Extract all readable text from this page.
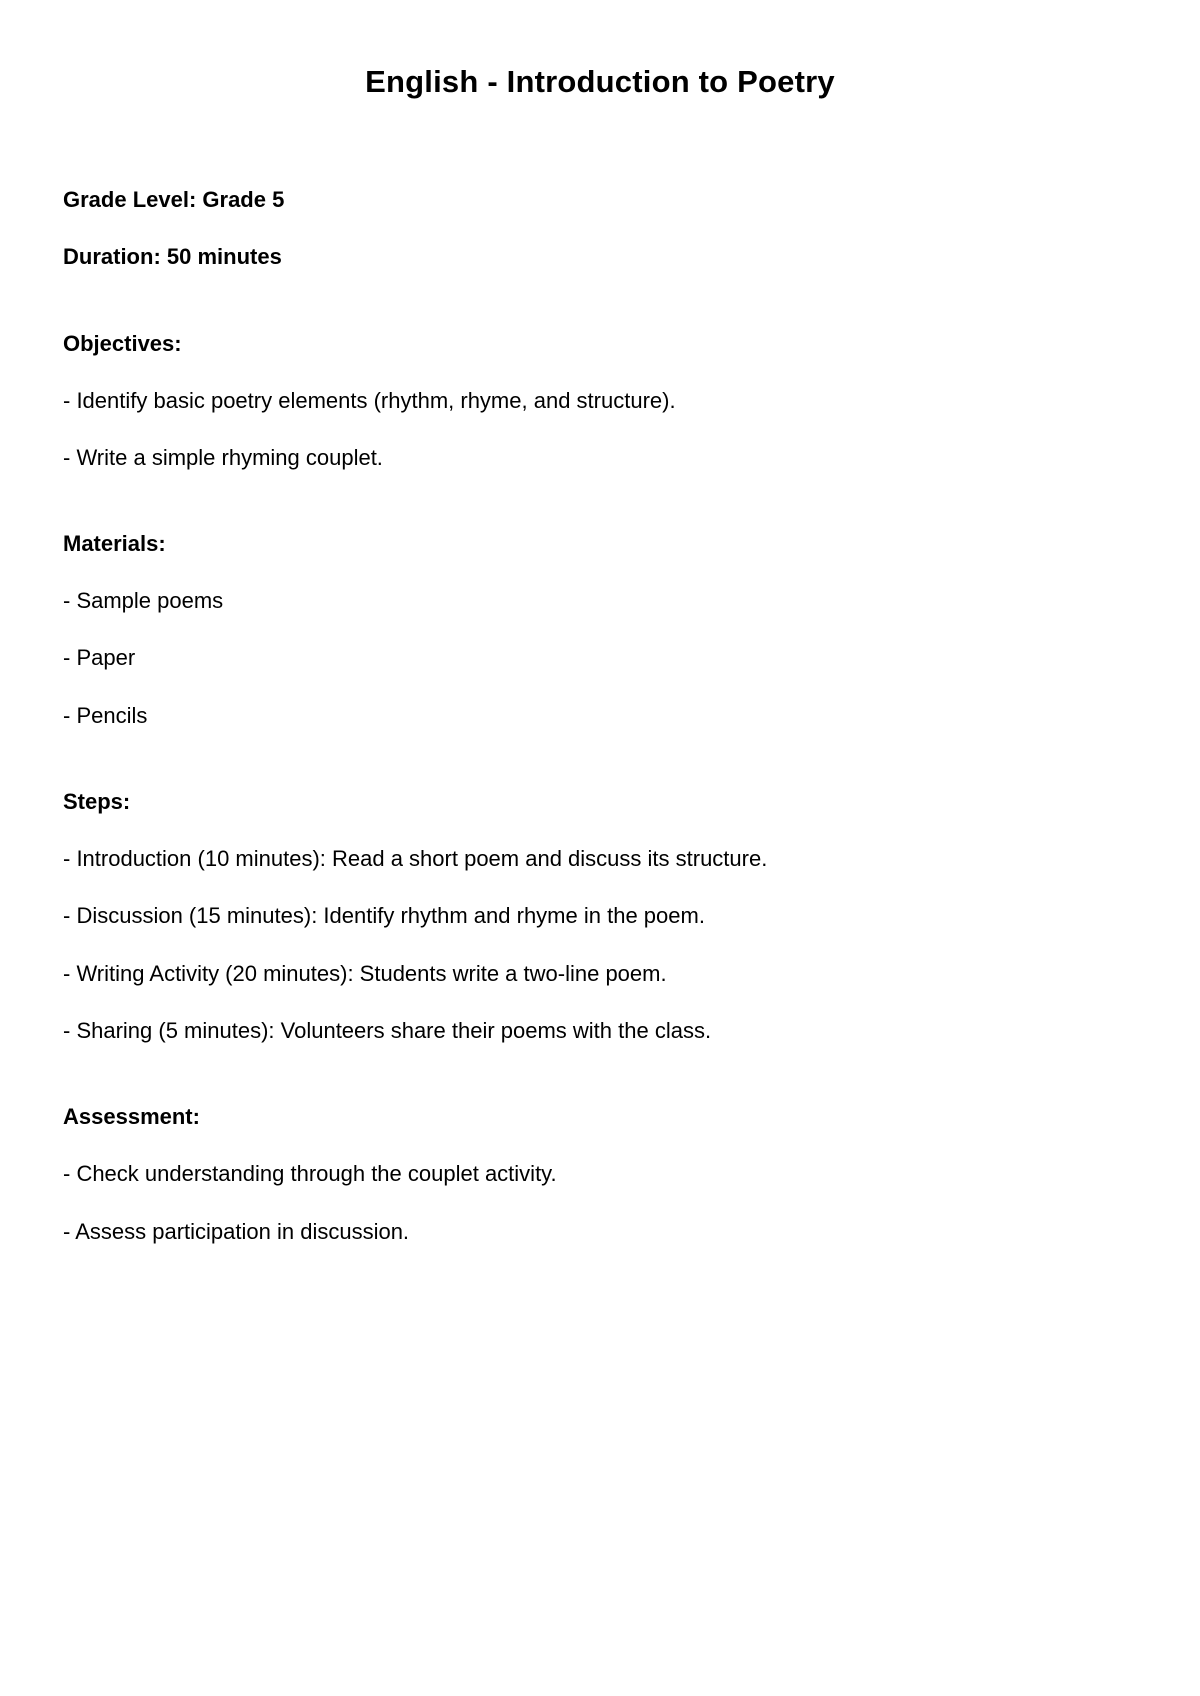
English - Introduction to Poetry
Grade Level: Grade 5
Duration: 50 minutes
Objectives:
- Identify basic poetry elements (rhythm, rhyme, and structure).
- Write a simple rhyming couplet.
Materials:
- Sample poems
- Paper
- Pencils
Steps:
- Introduction (10 minutes): Read a short poem and discuss its structure.
- Discussion (15 minutes): Identify rhythm and rhyme in the poem.
- Writing Activity (20 minutes): Students write a two-line poem.
- Sharing (5 minutes): Volunteers share their poems with the class.
Assessment:
- Check understanding through the couplet activity.
- Assess participation in discussion.
